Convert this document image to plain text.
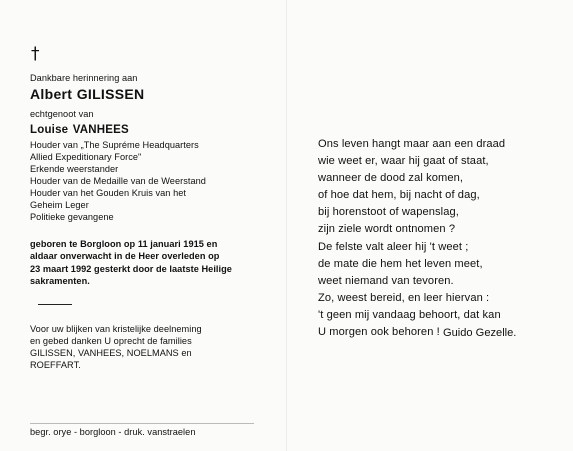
†
Dankbare herinnering aan
Albert GILISSEN
echtgenoot van
Louise VANHEES
Houder van „The Supréme Headquarters
Allied Expeditionary Force"
Erkende weerstander
Houder van de Medaille van de Weerstand
Houder van het Gouden Kruis van het
Geheim Leger
Politieke gevangene
geboren te Borgloon op 11 januari 1915 en
aldaar onverwacht in de Heer overleden op
23 maart 1992 gesterkt door de laatste Heilige
sakramenten.
Voor uw blijken van kristelijke deelneming
en gebed danken U oprecht de families
GILISSEN, VANHEES, NOELMANS en
ROEFFART.
begr. orye - borgloon - druk. vanstraelen
Ons leven hangt maar aan een draad
wie weet er, waar hij gaat of staat,
wanneer de dood zal komen,
of hoe dat hem, bij nacht of dag,
bij horenstoot of wapenslag,
zijn ziele wordt ontnomen ?
De felste valt aleer hij 't weet ;
de mate die hem het leven meet,
weet niemand van tevoren.
Zo, weest bereid, en leer hiervan :
't geen mij vandaag behoort, dat kan
U morgen ook behoren ! Guido Gezelle.
